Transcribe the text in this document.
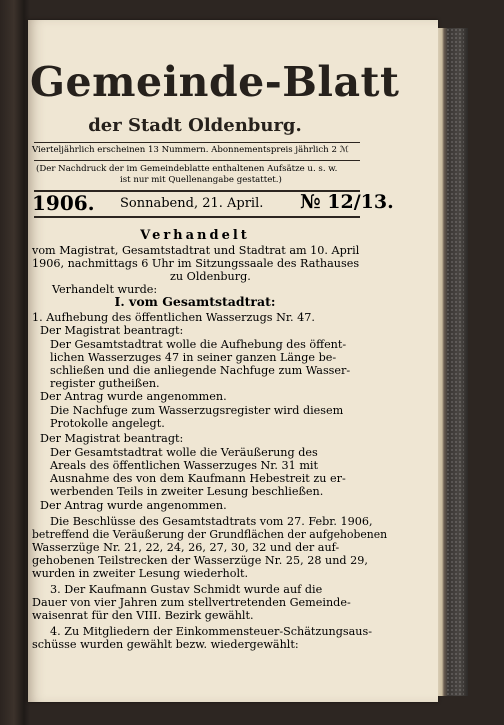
Gemeinde-Blatt
der Stadt Oldenburg.
Vierteljährlich erscheinen 13 Nummern. Abonnementspreis jährlich 2 ℳ
(Der Nachdruck der im Gemeindeblatte enthaltenen Aufsätze u. s. w.
ist nur mit Quellenangabe gestattet.)
1906. Sonnabend, 21. April. № 12/13.
Verhandelt
vom Magistrat, Gesamtstadtrat und Stadtrat am 10. April
1906, nachmittags 6 Uhr im Sitzungssaale des Rathauses
zu Oldenburg.
Verhandelt wurde:
I. vom Gesamtstadtrat:
1. Aufhebung des öffentlichen Wasserzugs Nr. 47.
Der Magistrat beantragt:
Der Gesamtstadtrat wolle die Aufhebung des öffent-
lichen Wasserzuges 47 in seiner ganzen Länge be-
schließen und die anliegende Nachfuge zum Wasser-
register gutheißen.
Der Antrag wurde angenommen.
Die Nachfuge zum Wasserzugsregister wird diesem
Protokolle angelegt.
Der Magistrat beantragt:
Der Gesamtstadtrat wolle die Veräußerung des
Areals des öffentlichen Wasserzuges Nr. 31 mit
Ausnahme des von dem Kaufmann Hebestreit zu er-
werbenden Teils in zweiter Lesung beschließen.
Der Antrag wurde angenommen.
Die Beschlüsse des Gesamtstadtrats vom 27. Febr. 1906,
betreffend die Veräußerung der Grundflächen der aufgehobenen
Wasserzüge Nr. 21, 22, 24, 26, 27, 30, 32 und der auf-
gehobenen Teilstrecken der Wasserzüge Nr. 25, 28 und 29,
wurden in zweiter Lesung wiederholt.
3. Der Kaufmann Gustav Schmidt wurde auf die
Dauer von vier Jahren zum stellvertretenden Gemeinde-
waisenrat für den VIII. Bezirk gewählt.
4. Zu Mitgliedern der Einkommensteuer-Schätzungsaus-
schüsse wurden gewählt bezw. wiedergewählt:
